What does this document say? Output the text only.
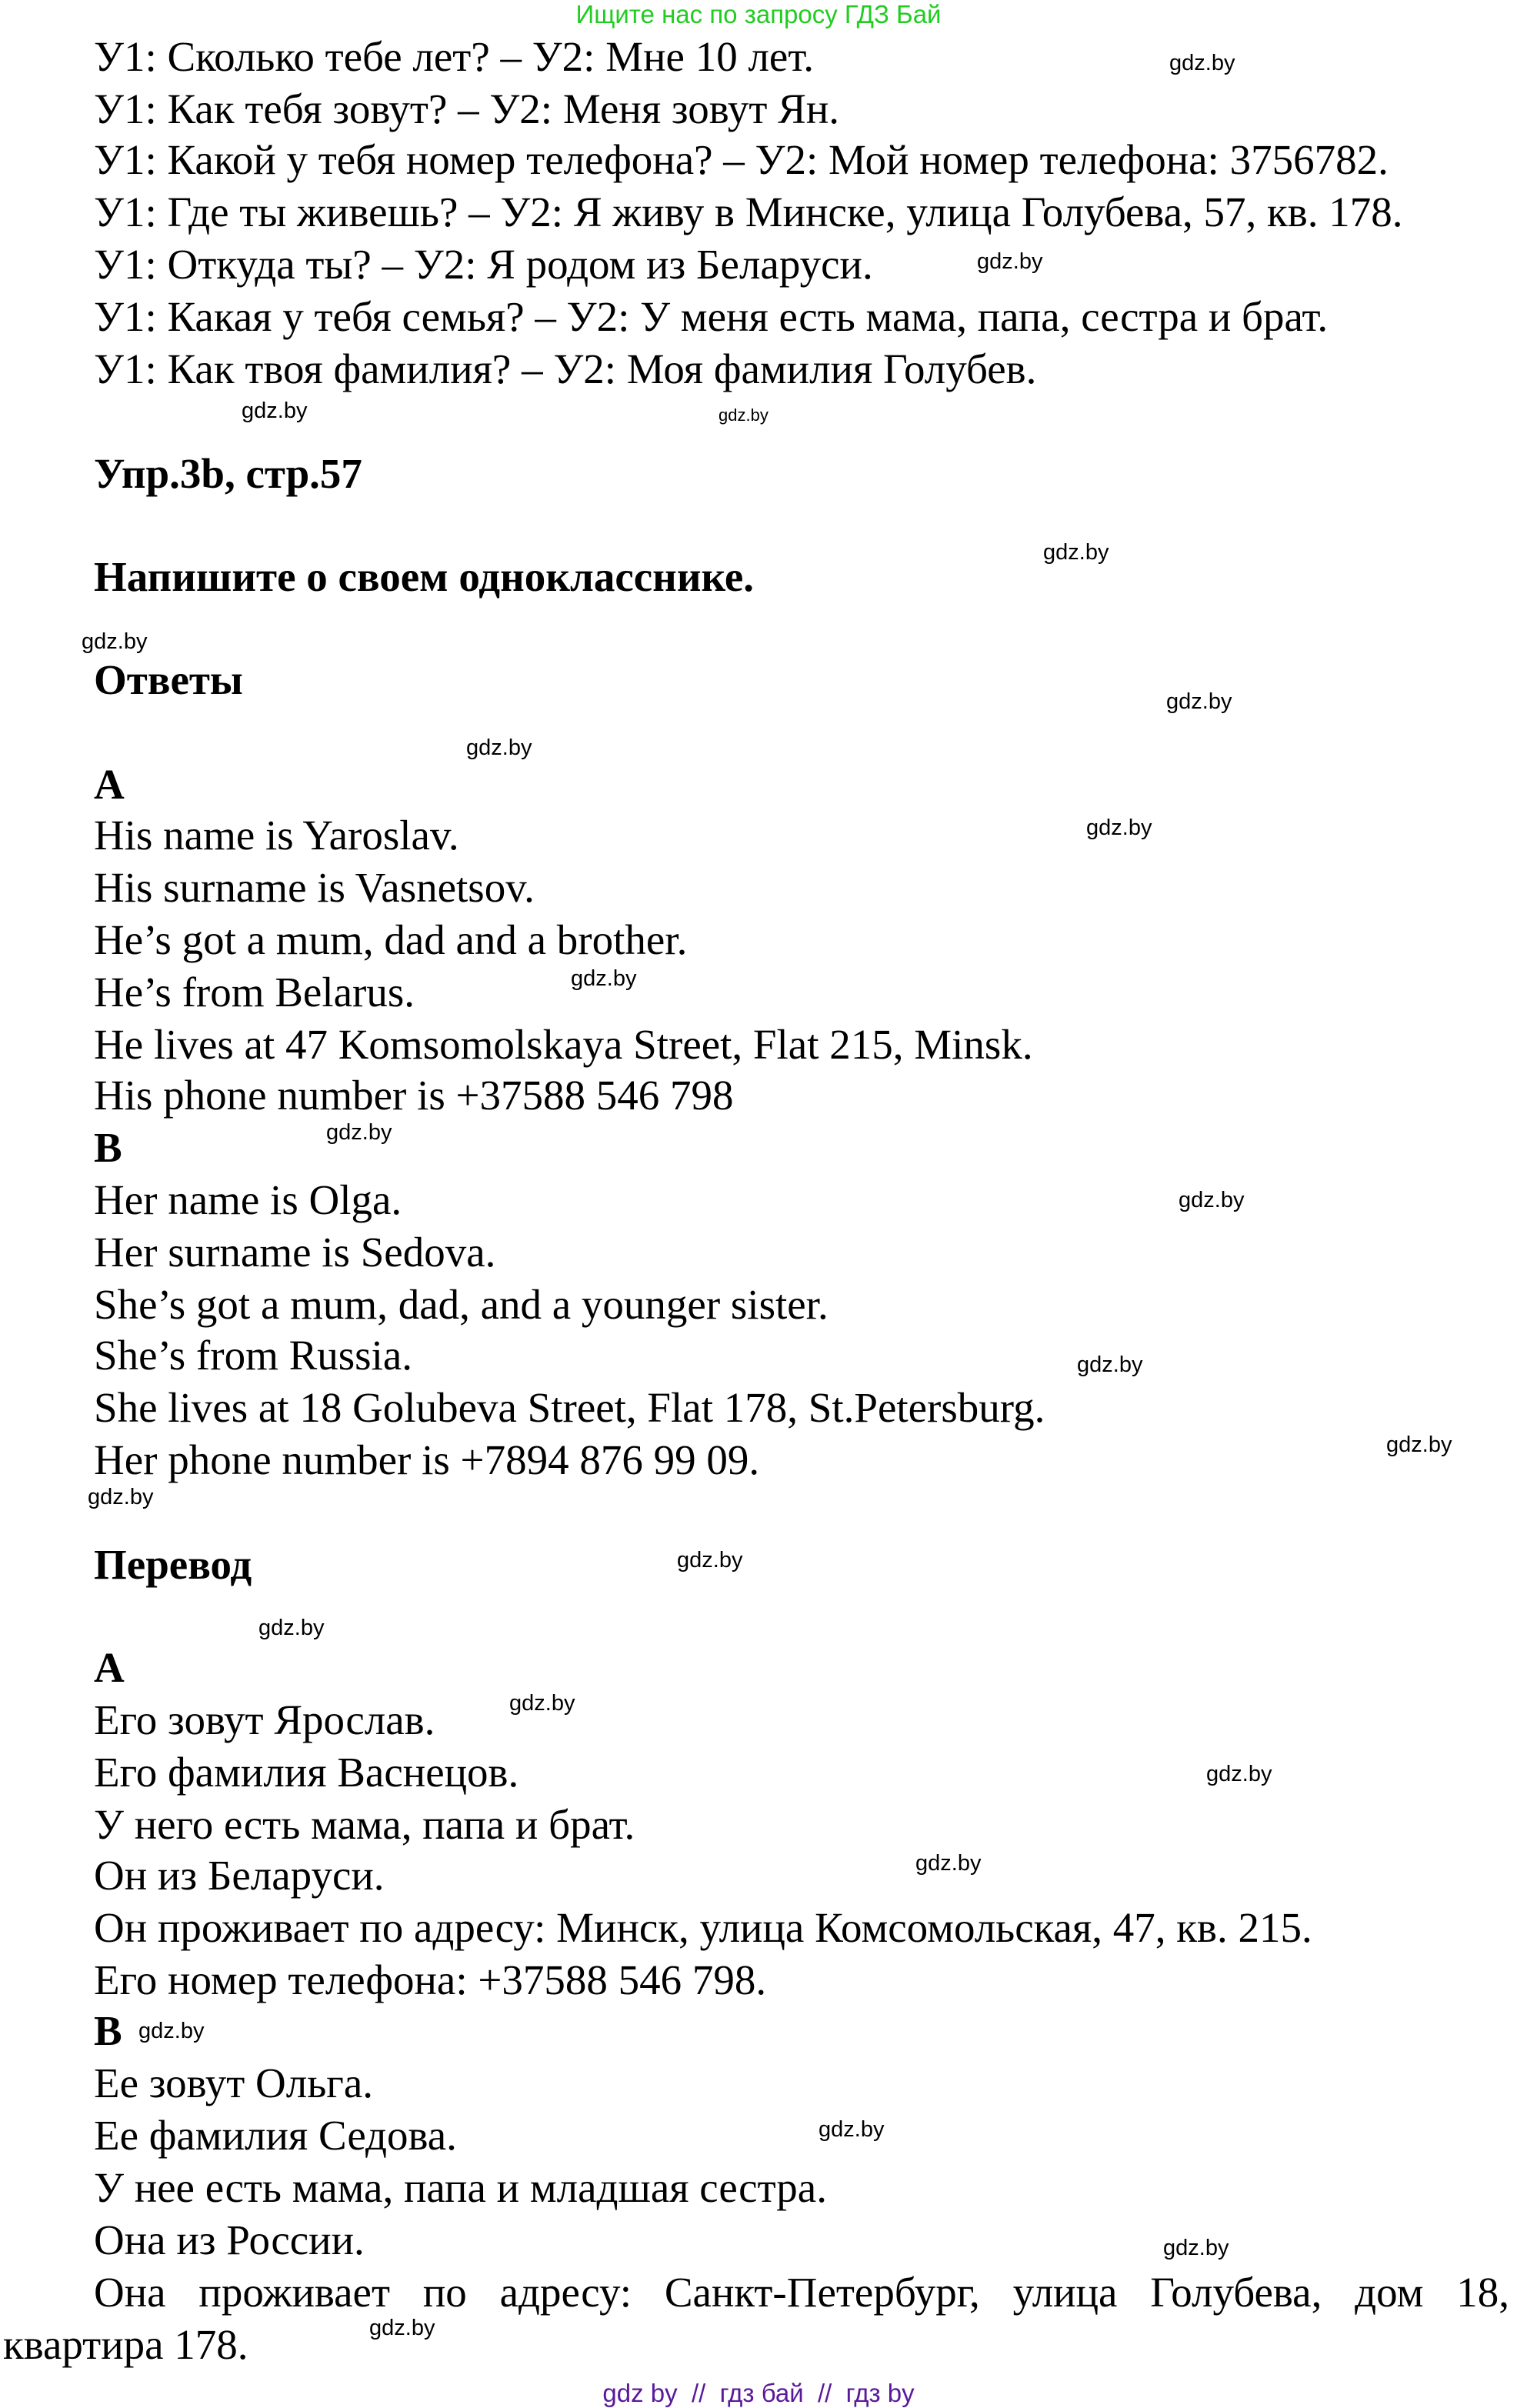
Ищите нас по запросу ГДЗ Бай
У1: Сколько тебе лет? – У2: Мне 10 лет.
У1: Как тебя зовут? – У2: Меня зовут Ян.
У1: Какой у тебя номер телефона? – У2: Мой номер телефона: 3756782.
У1: Где ты живешь? – У2: Я живу в Минске, улица Голубева, 57, кв. 178.
У1: Откуда ты? – У2: Я родом из Беларуси.
У1: Какая у тебя семья? – У2: У меня есть мама, папа, сестра и брат.
У1: Как твоя фамилия? – У2: Моя фамилия Голубев.
Упр.3b, стр.57
Напишите о своем однокласснике.
Ответы
A
His name is Yaroslav.
His surname is Vasnetsov.
He’s got a mum, dad and a brother.
He’s from Belarus.
He lives at 47 Komsomolskaya Street, Flat 215, Minsk.
His phone number is +37588 546 798
B
Her name is Olga.
Her surname is Sedova.
She’s got a mum, dad, and a younger sister.
She’s from Russia.
She lives at 18 Golubeva Street, Flat 178, St.Petersburg.
Her phone number is +7894 876 99 09.
Перевод
A
Его зовут Ярослав.
Его фамилия Васнецов.
У него есть мама, папа и брат.
Он из Беларуси.
Он проживает по адресу: Минск, улица Комсомольская, 47, кв. 215.
Его номер телефона: +37588 546 798.
B
Ее зовут Ольга.
Ее фамилия Седова.
У нее есть мама, папа и младшая сестра.
Она из России.
Она проживает по адресу: Санкт-Петербург, улица Голубева, дом 18,
квартира 178.
gdz.by
gdz.by
gdz.by
gdz.by
gdz.by
gdz.by
gdz.by
gdz.by
gdz.by
gdz.by
gdz.by
gdz.by
gdz.by
gdz.by
gdz.by
gdz.by
gdz.by
gdz.by
gdz.by
gdz.by
gdz.by
gdz.by
gdz.by
gdz.by
gdz by  //  гдз бай  //  гдз by
